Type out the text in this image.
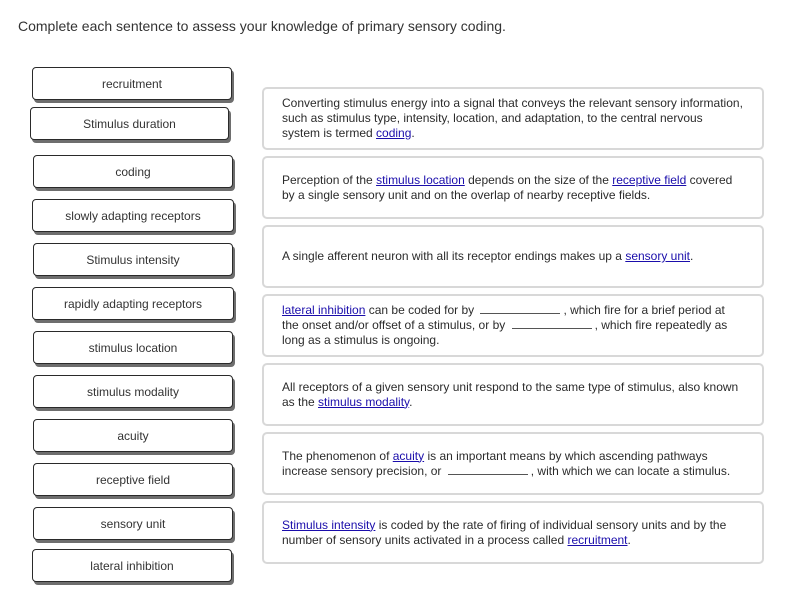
Complete each sentence to assess your knowledge of primary sensory coding.
recruitment
Stimulus duration
coding
slowly adapting receptors
Stimulus intensity
rapidly adapting receptors
stimulus location
stimulus modality
acuity
receptive field
sensory unit
lateral inhibition
Converting stimulus energy into a signal that conveys the relevant sensory information, such as stimulus type, intensity, location, and adaptation, to the central nervous system is termed coding.
Perception of the stimulus location depends on the size of the receptive field covered by a single sensory unit and on the overlap of nearby receptive fields.
A single afferent neuron with all its receptor endings makes up a sensory unit.
lateral inhibition can be coded for by	, which fire for a brief period at the onset and/or offset of a stimulus, or by	, which fire repeatedly as long as a stimulus is ongoing.
All receptors of a given sensory unit respond to the same type of stimulus, also known as the stimulus modality.
The phenomenon of acuity is an important means by which ascending pathways increase sensory precision, or	, with which we can locate a stimulus.
Stimulus intensity is coded by the rate of firing of individual sensory units and by the number of sensory units activated in a process called recruitment.
